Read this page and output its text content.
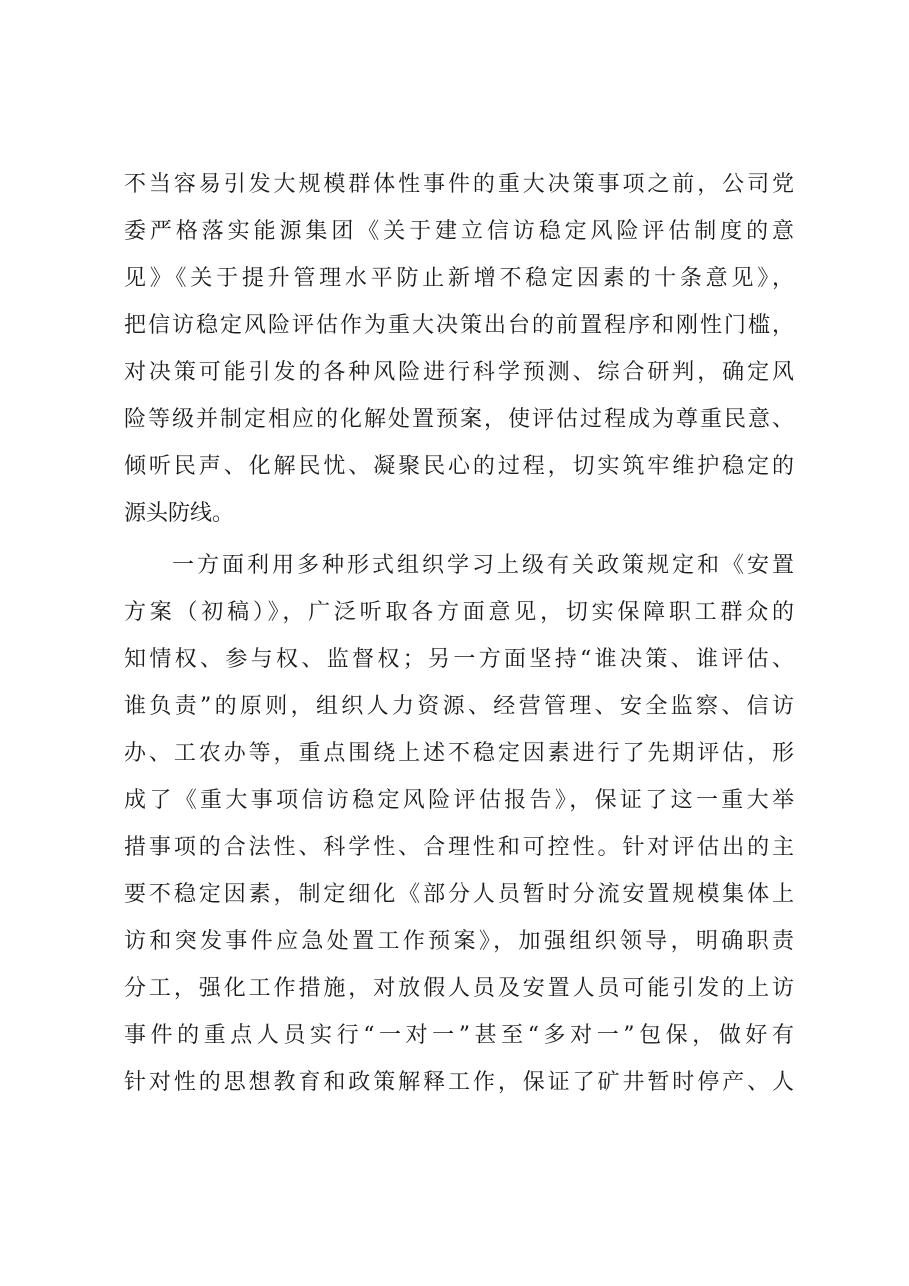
不当容易引发大规模群体性事件的重大决策事项之前，公司党
委严格落实能源集团《关于建立信访稳定风险评估制度的意
见》《关于提升管理水平防止新增不稳定因素的十条意见》，
把信访稳定风险评估作为重大决策出台的前置程序和刚性门槛，
对决策可能引发的各种风险进行科学预测、综合研判，确定风
险等级并制定相应的化解处置预案，使评估过程成为尊重民意、
倾听民声、化解民忧、凝聚民心的过程，切实筑牢维护稳定的
源头防线。
一方面利用多种形式组织学习上级有关政策规定和《安置
方案（初稿）》，广泛听取各方面意见，切实保障职工群众的
知情权、参与权、监督权；另一方面坚持“谁决策、谁评估、
谁负责”的原则，组织人力资源、经营管理、安全监察、信访
办、工农办等，重点围绕上述不稳定因素进行了先期评估，形
成了《重大事项信访稳定风险评估报告》，保证了这一重大举
措事项的合法性、科学性、合理性和可控性。针对评估出的主
要不稳定因素，制定细化《部分人员暂时分流安置规模集体上
访和突发事件应急处置工作预案》，加强组织领导，明确职责
分工，强化工作措施，对放假人员及安置人员可能引发的上访
事件的重点人员实行“一对一”甚至“多对一”包保，做好有
针对性的思想教育和政策解释工作，保证了矿井暂时停产、人
